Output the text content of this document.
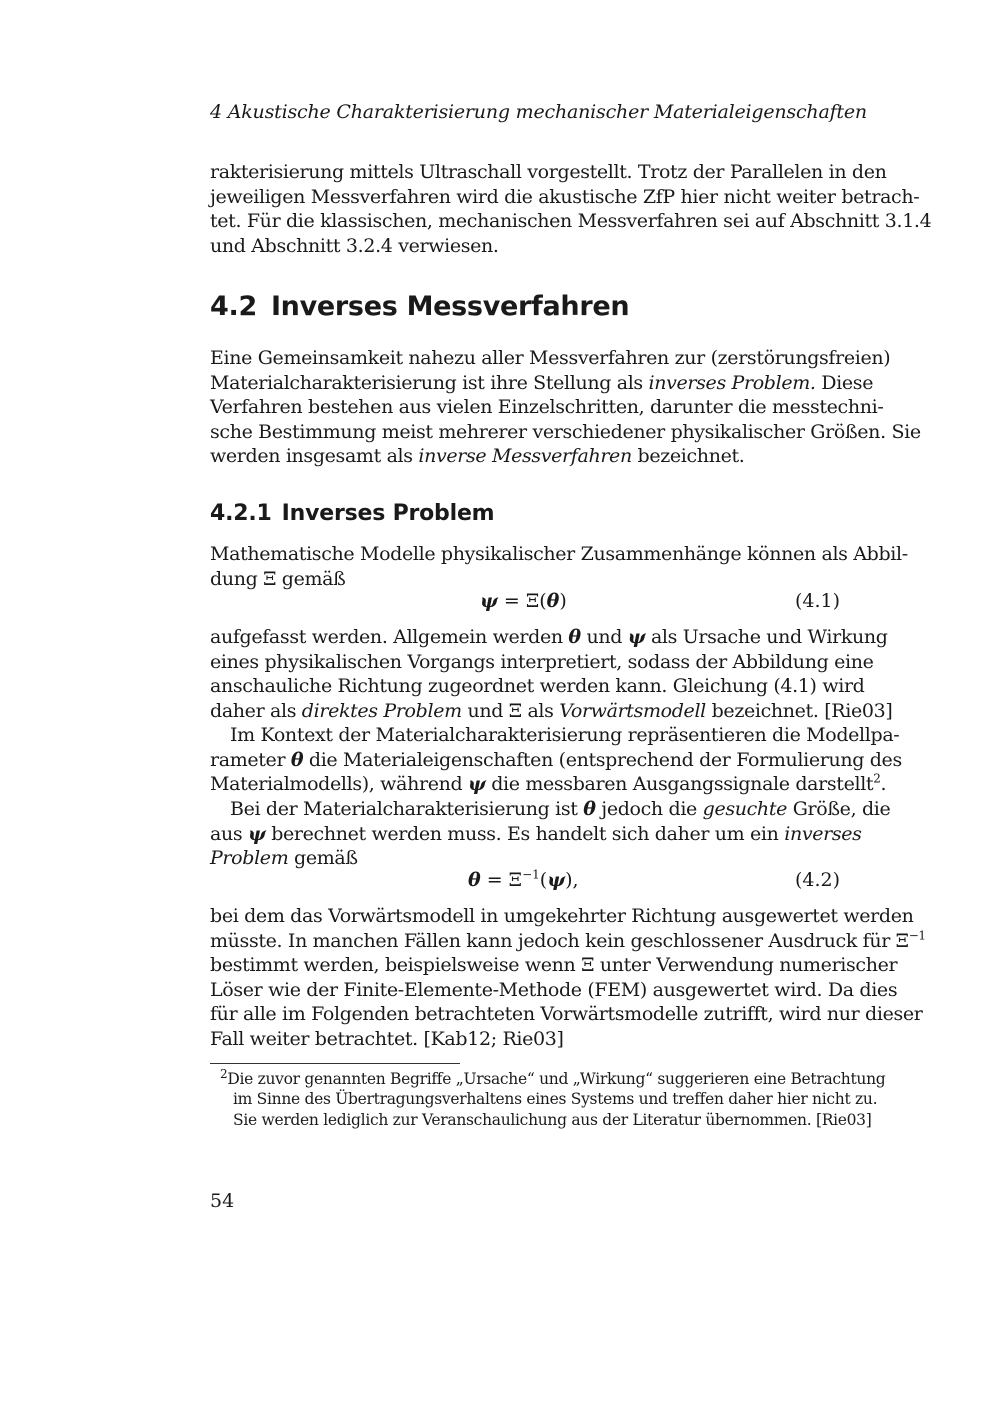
4 Akustische Charakterisierung mechanischer Materialeigenschaften
rakterisierung mittels Ultraschall vorgestellt. Trotz der Parallelen in den
jeweiligen Messverfahren wird die akustische ZfP hier nicht weiter betrach-
tet. Für die klassischen, mechanischen Messverfahren sei auf Abschnitt 3.1.4
und Abschnitt 3.2.4 verwiesen.
4.2 Inverses Messverfahren
Eine Gemeinsamkeit nahezu aller Messverfahren zur (zerstörungsfreien)
Materialcharakterisierung ist ihre Stellung als inverses Problem. Diese
Verfahren bestehen aus vielen Einzelschritten, darunter die messtechni-
sche Bestimmung meist mehrerer verschiedener physikalischer Größen. Sie
werden insgesamt als inverse Messverfahren bezeichnet.
4.2.1 Inverses Problem
Mathematische Modelle physikalischer Zusammenhänge können als Abbil-
dung Ξ gemäß
ψ = Ξ(θ)	(4.1)
aufgefasst werden. Allgemein werden θ und ψ als Ursache und Wirkung
eines physikalischen Vorgangs interpretiert, sodass der Abbildung eine
anschauliche Richtung zugeordnet werden kann. Gleichung (4.1) wird
daher als direktes Problem und Ξ als Vorwärtsmodell bezeichnet. [Rie03]
Im Kontext der Materialcharakterisierung repräsentieren die Modellpa-
rameter θ die Materialeigenschaften (entsprechend der Formulierung des
Materialmodells), während ψ die messbaren Ausgangssignale darstellt$^2$.
Bei der Materialcharakterisierung ist θ jedoch die gesuchte Größe, die
aus ψ berechnet werden muss. Es handelt sich daher um ein inverses
Problem gemäß
$\theta = \Xi^{-1}(\psi)$,	(4.2)
bei dem das Vorwärtsmodell in umgekehrter Richtung ausgewertet werden
müsste. In manchen Fällen kann jedoch kein geschlossener Ausdruck für $\Xi^{-1}$
bestimmt werden, beispielsweise wenn Ξ unter Verwendung numerischer
Löser wie der Finite-Elemente-Methode (FEM) ausgewertet wird. Da dies
für alle im Folgenden betrachteten Vorwärtsmodelle zutrifft, wird nur dieser
Fall weiter betrachtet. [Kab12; Rie03]
$^2$Die zuvor genannten Begriffe „Ursache“ und „Wirkung“ suggerieren eine Betrachtung
im Sinne des Übertragungsverhaltens eines Systems und treffen daher hier nicht zu.
Sie werden lediglich zur Veranschaulichung aus der Literatur übernommen. [Rie03]
54
